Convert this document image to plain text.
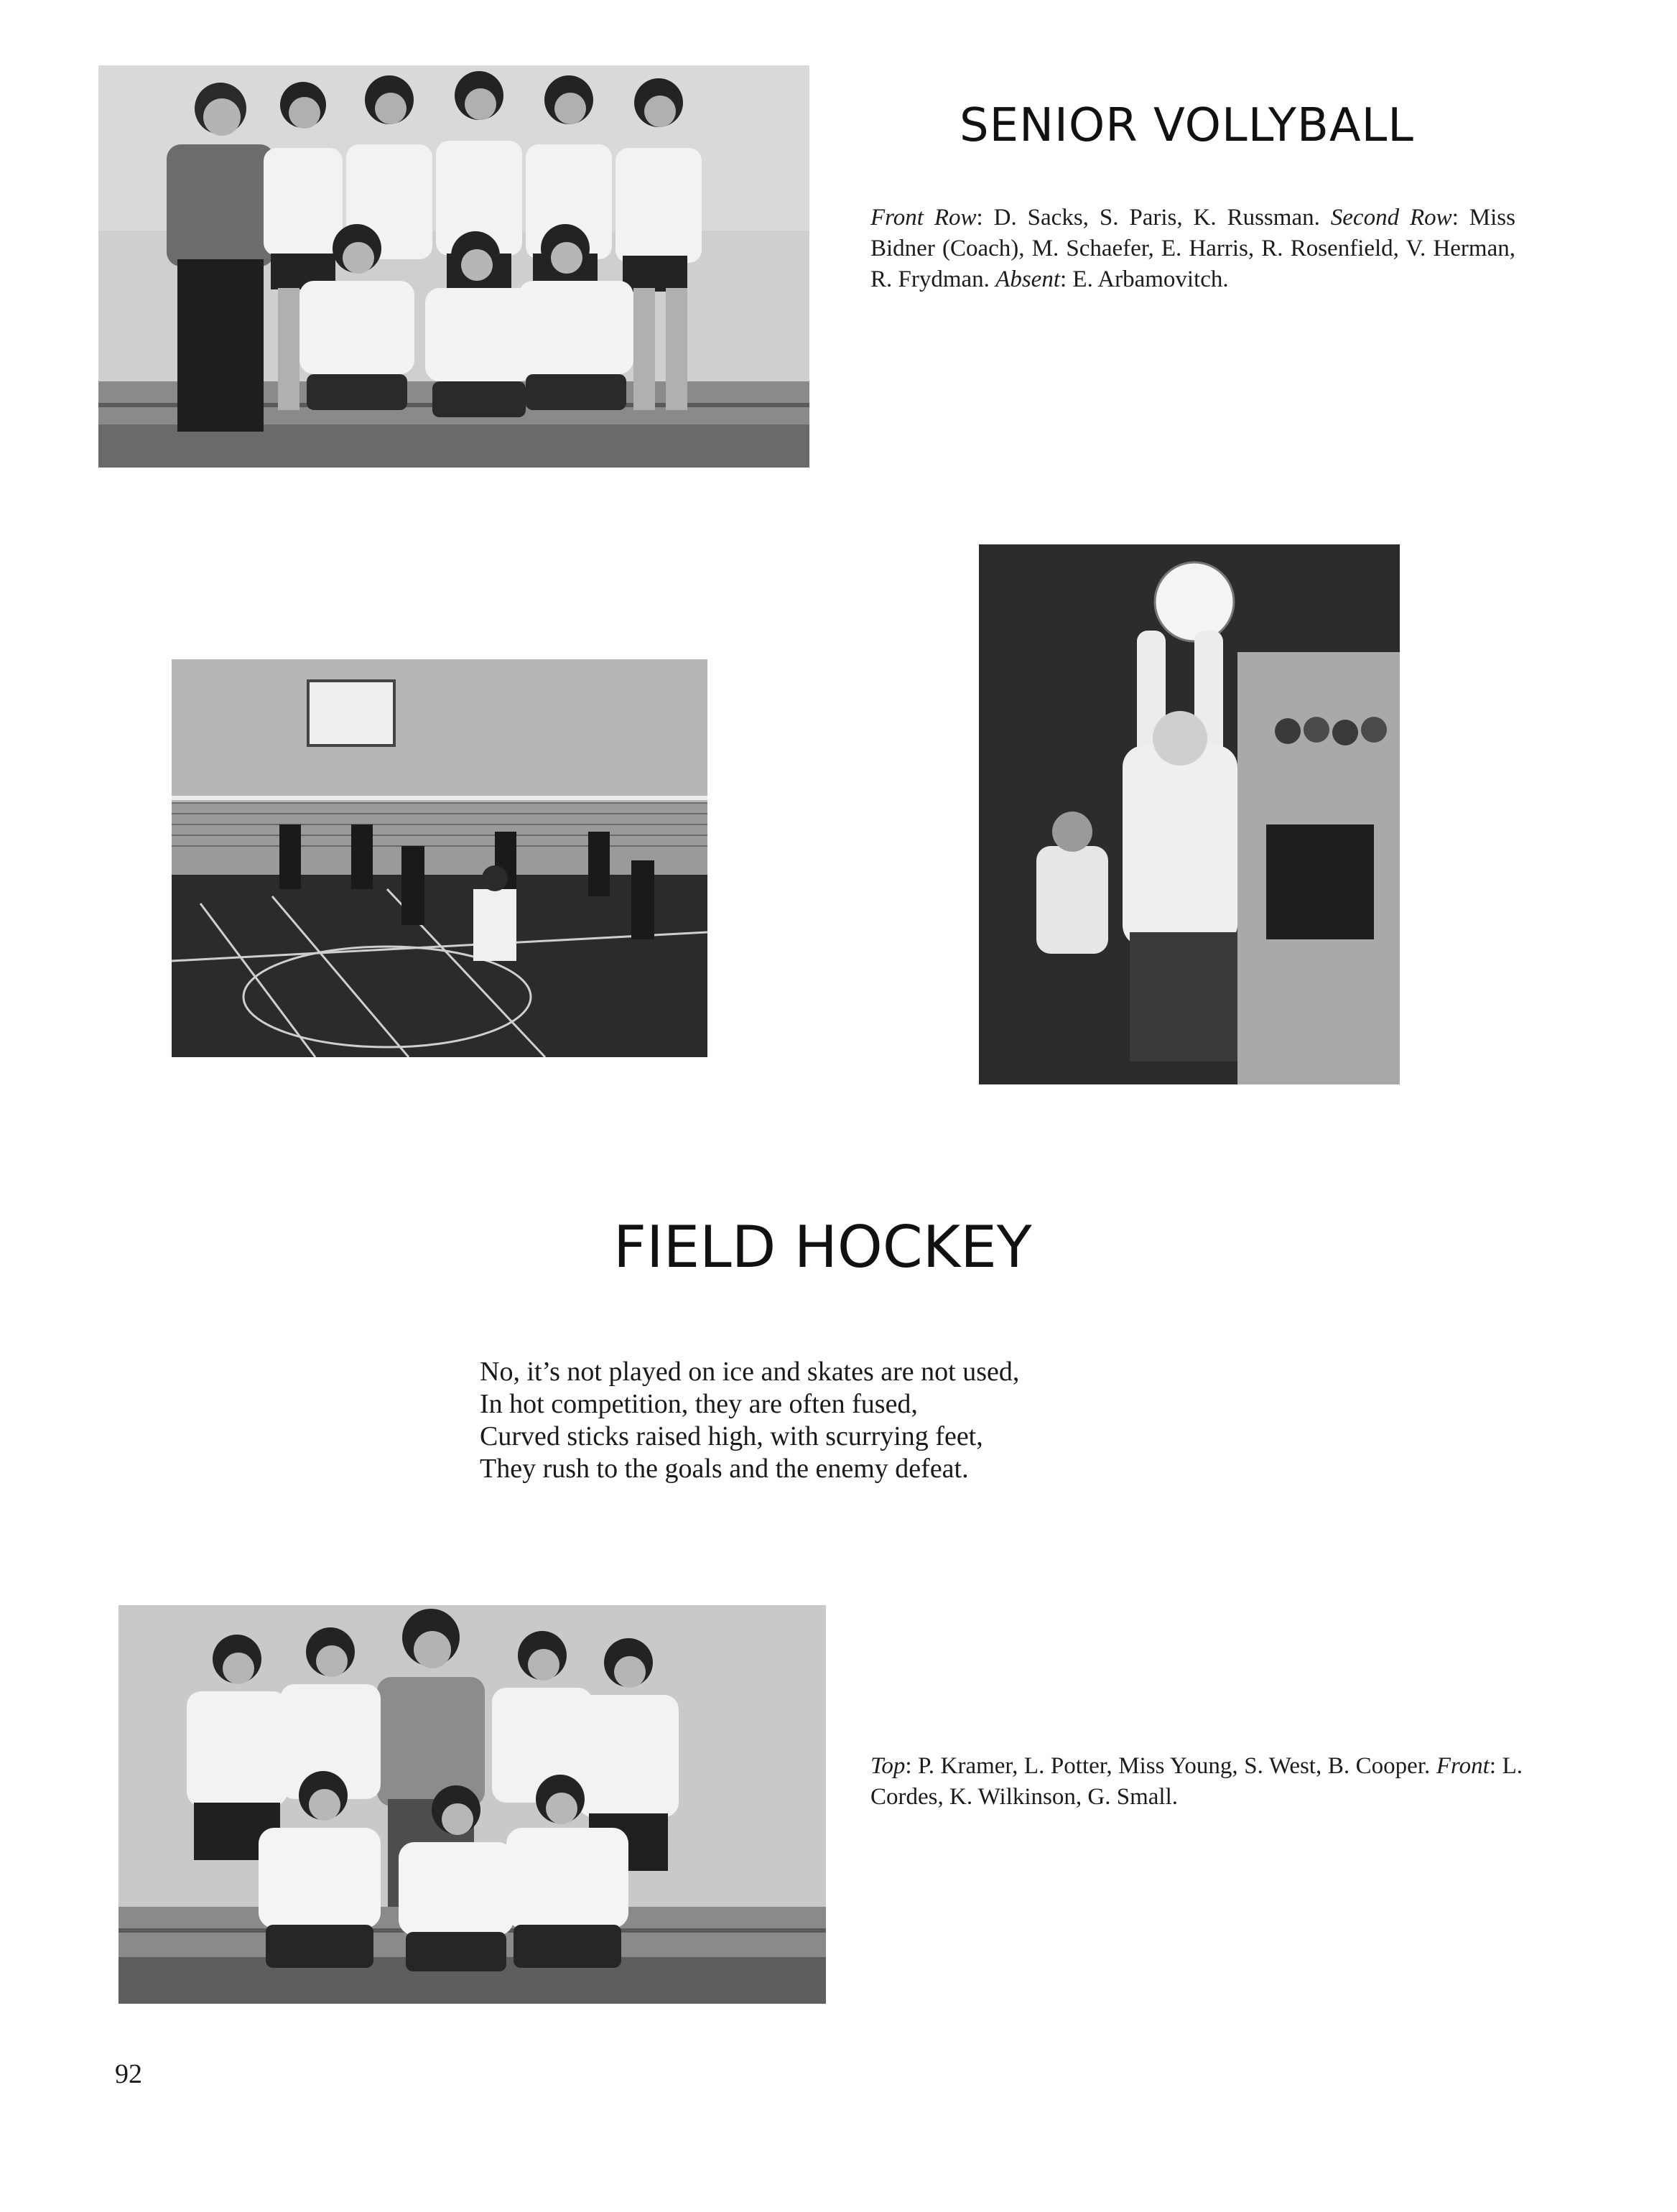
SENIOR VOLLYBALL
Front Row: D. Sacks, S. Paris, K. Russman. Second Row: Miss Bidner (Coach), M. Schaefer, E. Harris, R. Rosenfield, V. Herman, R. Frydman. Absent: E. Arbamovitch.
FIELD HOCKEY
No, it’s not played on ice and skates are not used,
In hot competition, they are often fused,
Curved sticks raised high, with scurrying feet,
They rush to the goals and the enemy defeat.
Top: P. Kramer, L. Potter, Miss Young, S. West, B. Cooper. Front: L. Cordes, K. Wilkinson, G. Small.
92
